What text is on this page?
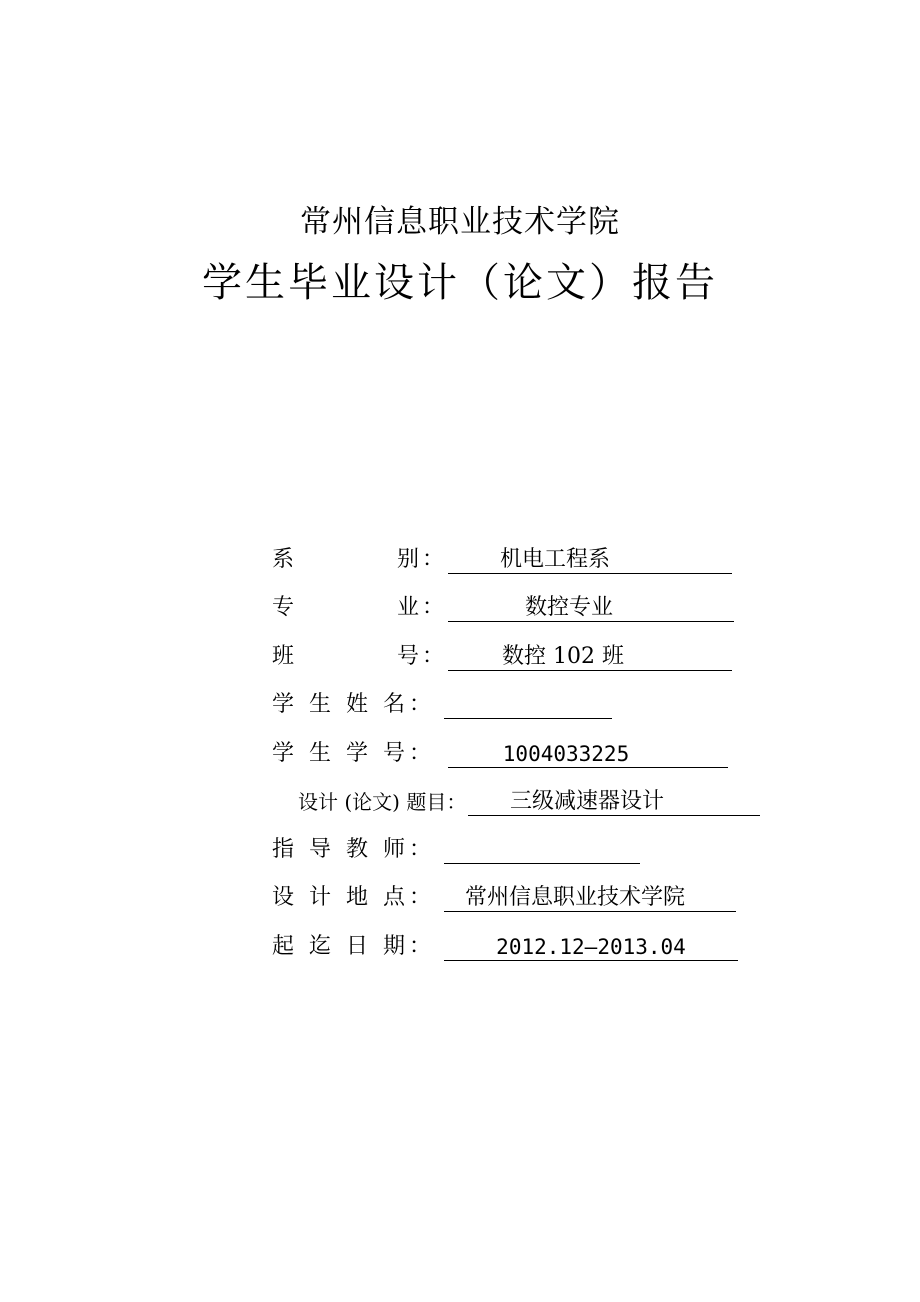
常州信息职业技术学院
学生毕业设计（论文）报告
系　　　　别：	机电工程系
专　　　　业：	数控专业
班　　　　号：	数控 102 班
学 生 姓 名：
学 生 学 号：	1004033225
设计 (论文) 题目：	三级减速器设计
指 导 教 师：
设 计 地 点：	常州信息职业技术学院
起 迄 日 期：	2012.12—2013.04
